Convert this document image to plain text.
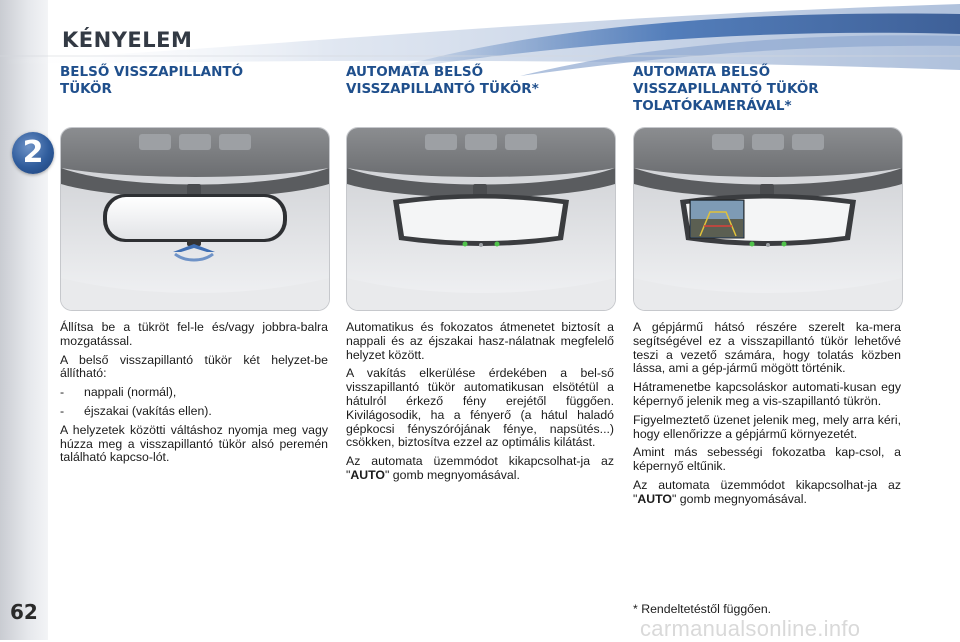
KÉNYELEM
2
62
BELSŐ VISSZAPILLANTÓ
TÜKÖR

Állítsa be a tükröt fel-le és/vagy jobbra-balra mozgatással.

A belső visszapillantó tükör két helyzet-be állítható:

- nappali (normál),
- éjszakai (vakítás ellen).

A helyzetek közötti váltáshoz nyomja meg vagy húzza meg a visszapillantó tükör alsó peremén található kapcso-lót.

AUTOMATA BELSŐ
VISSZAPILLANTÓ TÜKÖR*

Automatikus és fokozatos átmenetet biztosít a nappali és az éjszakai hasz-nálatnak megfelelő helyzet között.

A vakítás elkerülése érdekében a bel-ső visszapillantó tükör automatikusan elsötétül a hátulról érkező fény erejétől függően. Kivilágosodik, ha a fényerő (a hátul haladó gépkocsi fényszórójának fénye, napsütés...) csökken, biztosítva ezzel az optimális kilátást.

Az automata üzemmódot kikapcsolhat-ja az "AUTO" gomb megnyomásával.

AUTOMATA BELSŐ
VISSZAPILLANTÓ TÜKÖR
TOLATÓKAMERÁVAL*

A gépjármű hátsó részére szerelt ka-mera segítségével ez a visszapillantó tükör lehetővé teszi a vezető számára, hogy tolatás közben lássa, ami a gép-jármű mögött történik.

Hátramenetbe kapcsoláskor automati-kusan egy képernyő jelenik meg a vis-szapillantó tükrön.

Figyelmeztető üzenet jelenik meg, mely arra kéri, hogy ellenőrizze a gépjármű környezetét.

Amint más sebességi fokozatba kap-csol, a képernyő eltűnik.

Az automata üzemmódot kikapcsolhat-ja az "AUTO" gomb megnyomásával.

* Rendeltetéstől függően.
carmanualsonline.info
